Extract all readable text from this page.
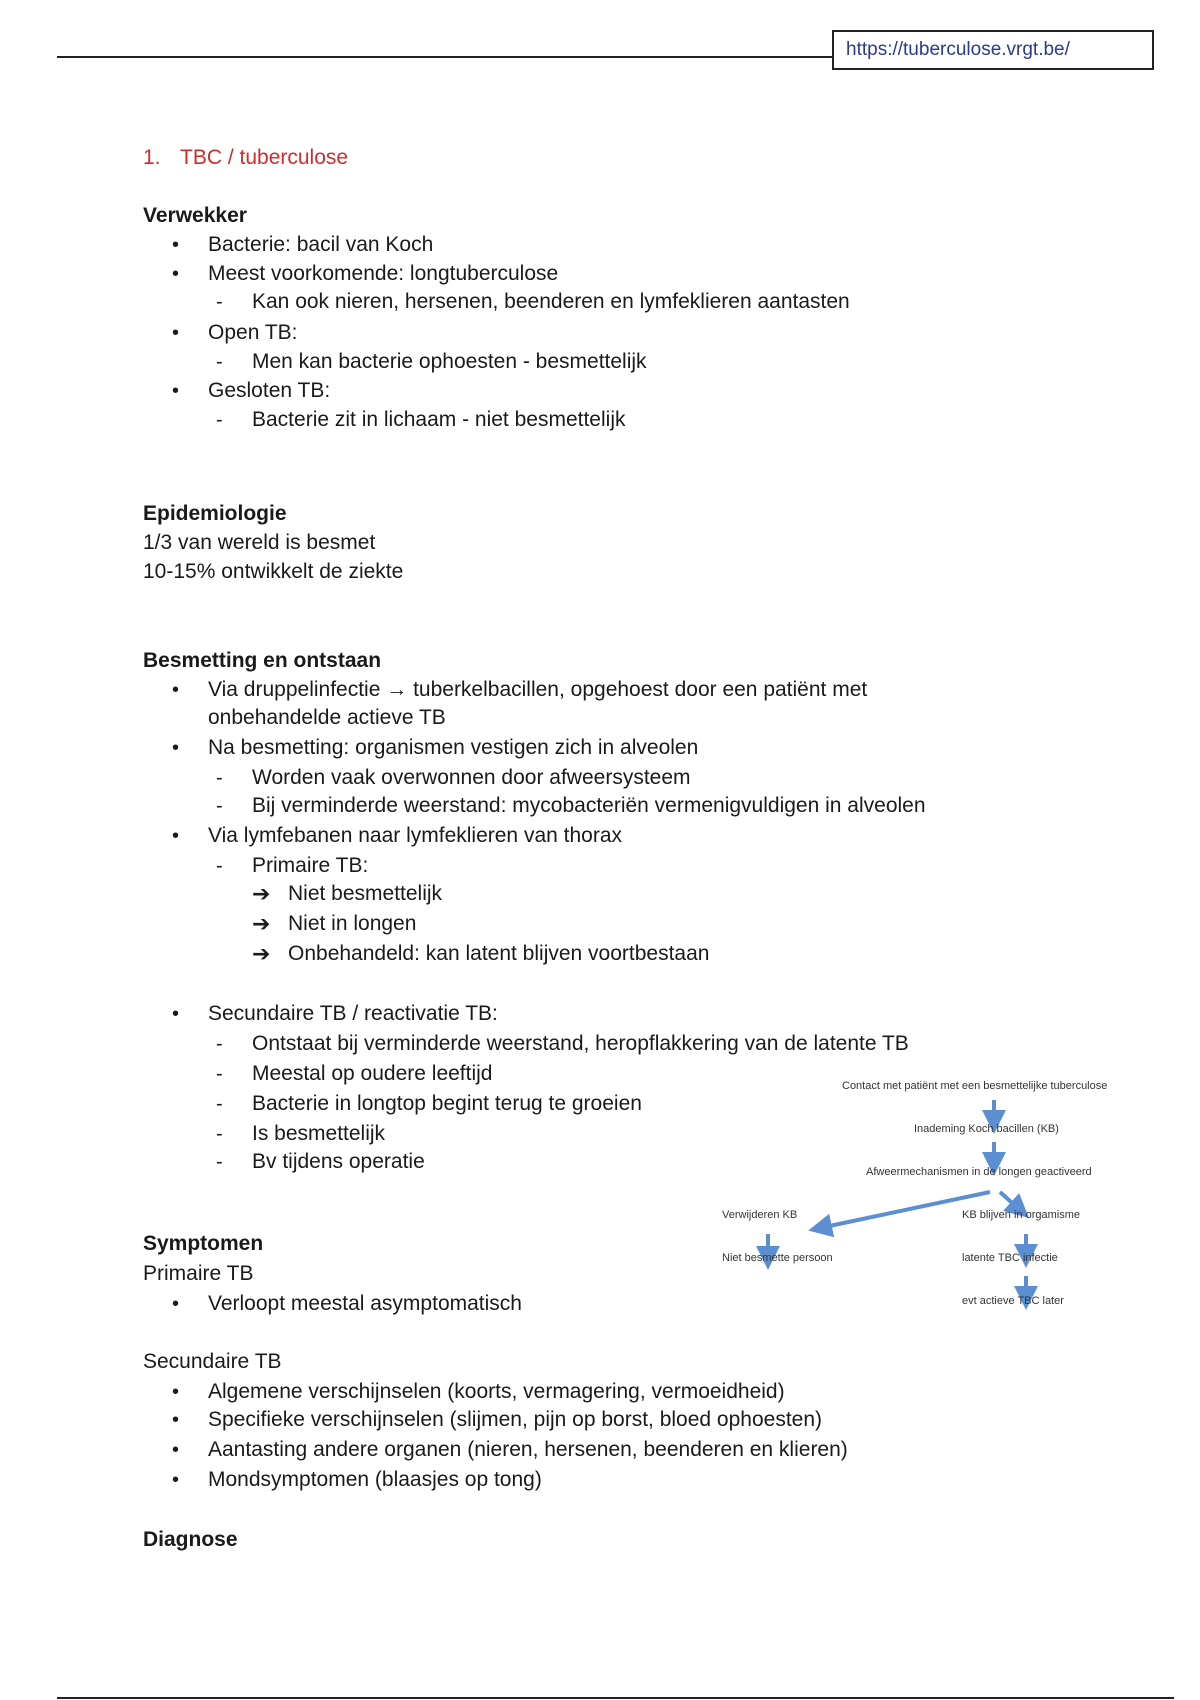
https://tuberculose.vrgt.be/
1. TBC / tuberculose
Verwekker
• Bacterie: bacil van Koch
• Meest voorkomende: longtuberculose
- Kan ook nieren, hersenen, beenderen en lymfeklieren aantasten
• Open TB:
- Men kan bacterie ophoesten - besmettelijk
• Gesloten TB:
- Bacterie zit in lichaam - niet besmettelijk
Epidemiologie
1/3 van wereld is besmet
10-15% ontwikkelt de ziekte
Besmetting en ontstaan
• Via druppelinfectie → tuberkelbacillen, opgehoest door een patiënt met
onbehandelde actieve TB
• Na besmetting: organismen vestigen zich in alveolen
- Worden vaak overwonnen door afweersysteem
- Bij verminderde weerstand: mycobacteriën vermenigvuldigen in alveolen
• Via lymfebanen naar lymfeklieren van thorax
- Primaire TB:
➔ Niet besmettelijk
➔ Niet in longen
➔ Onbehandeld: kan latent blijven voortbestaan
• Secundaire TB / reactivatie TB:
- Ontstaat bij verminderde weerstand, heropflakkering van de latente TB
- Meestal op oudere leeftijd
- Bacterie in longtop begint terug te groeien
- Is besmettelijk
- Bv tijdens operatie
Contact met patiënt met een besmettelijke tuberculose
Inademing Koch bacillen (KB)
Afweermechanismen in de longen geactiveerd
Verwijderen KB	KB blijven in orgamisme
Niet besmette persoon	latente TBC infectie
evt actieve TBC later
Symptomen
Primaire TB
• Verloopt meestal asymptomatisch
Secundaire TB
• Algemene verschijnselen (koorts, vermagering, vermoeidheid)
• Specifieke verschijnselen (slijmen, pijn op borst, bloed ophoesten)
• Aantasting andere organen (nieren, hersenen, beenderen en klieren)
• Mondsymptomen (blaasjes op tong)
Diagnose
